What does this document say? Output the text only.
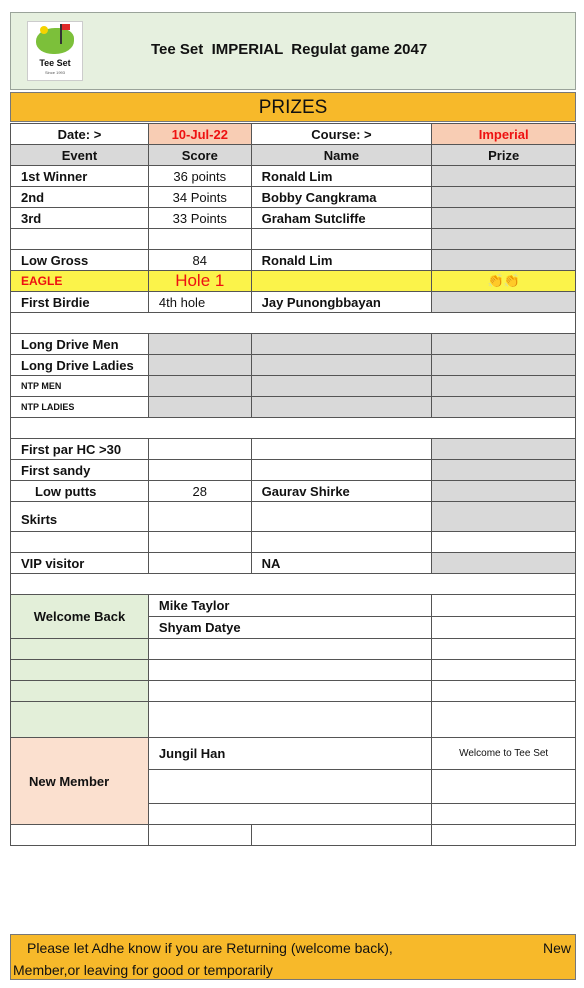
Tee Set
Since 1993
Tee Set  IMPERIAL  Regulat game 2047
PRIZES
Date: >	10-Jul-22	Course: >	Imperial
Event	Score	Name	Prize
1st Winner	36 points	Ronald Lim	
2nd	34 Points	Bobby Cangkrama	
3rd	33 Points	Graham Sutcliffe	

Low Gross	84	Ronald Lim	
EAGLE	Hole 1		👏👏
First Birdie	4th hole	Jay Punongbbayan	

Long Drive Men			
Long Drive Ladies			
NTP MEN			
NTP LADIES			

First par HC >30			
First sandy			
Low putts	28	Gaurav Shirke	
Skirts			

VIP visitor		NA	

Welcome Back	Mike Taylor		
	Shyam Datye		

New Member	Jungil Han		Welcome to Tee Set

Please let Adhe know if you are Returning (welcome back),	New
Member,or leaving for good or temporarily
